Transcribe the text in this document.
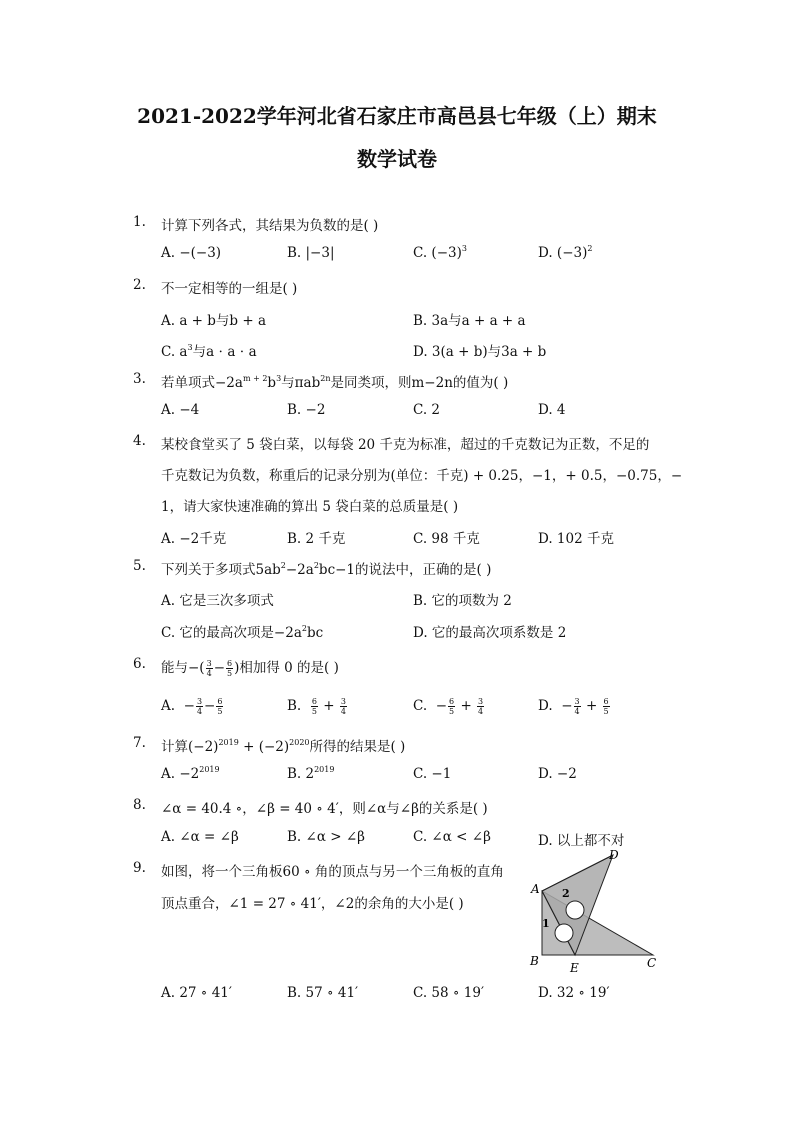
2021-2022学年河北省石家庄市高邑县七年级（上）期末
数学试卷
1. 计算下列各式，其结果为负数的是( )
A. −(−3)	B. |−3|	C. $(-3)^3$	D. $(-3)^2$
2. 不一定相等的一组是( )
A. a + b与b + a	B. 3a与a + a + a
C. $a^3$与a ⋅ a ⋅ a	D. 3(a + b)与3a + b
3. 若单项式$-2a^{m + 2}b^3$与πab$^{2n}$是同类项，则m−2n的值为( )
A. −4	B. −2	C. 2	D. 4
4. 某校食堂买了 5 袋白菜，以每袋 20 千克为标准，超过的千克数记为正数，不足的
千克数记为负数，称重后的记录分别为(单位：千克) + 0.25，−1，+ 0.5，−0.75，−
1，请大家快速准确的算出 5 袋白菜的总质量是( )
A. −2千克	B. 2 千克	C. 98 千克	D. 102 千克
5. 下列关于多项式$5ab^2-2a^2bc-1$的说法中，正确的是( )
A. 它是三次多项式	B. 它的项数为 2
C. 它的最高次项是$-2a^2bc$	D. 它的最高次项系数是 2
6. 能与−( $\frac{3}{4} - \frac{6}{5}$ )相加得 0 的是( )
A. − $\frac{3}{4} - \frac{6}{5}$	B. $\frac{6}{5} + \frac{3}{4}$	C. − $\frac{6}{5} + \frac{3}{4}$	D. − $\frac{3}{4} + \frac{6}{5}$
7. 计算$(-2)^{2019} + (-2)^{2020}$所得的结果是( )
A. $-2^{2019}$	B. $2^{2019}$	C. −1	D. −2
8. ∠α = 40.4 ∘，∠β = 40 ∘ 4′，则∠α与∠β的关系是( )
A. ∠α = ∠β	B. ∠α > ∠β	C. ∠α < ∠β	D. 以上都不对
9. 如图，将一个三角板60 ∘ 角的顶点与另一个三角板的直角
顶点重合，∠1 = 27 ∘ 41′，∠2的余角的大小是( )
A
B	C
D
E
1
2
A. 27 ∘ 41′	B. 57 ∘ 41′	C. 58 ∘ 19′	D. 32 ∘ 19′
